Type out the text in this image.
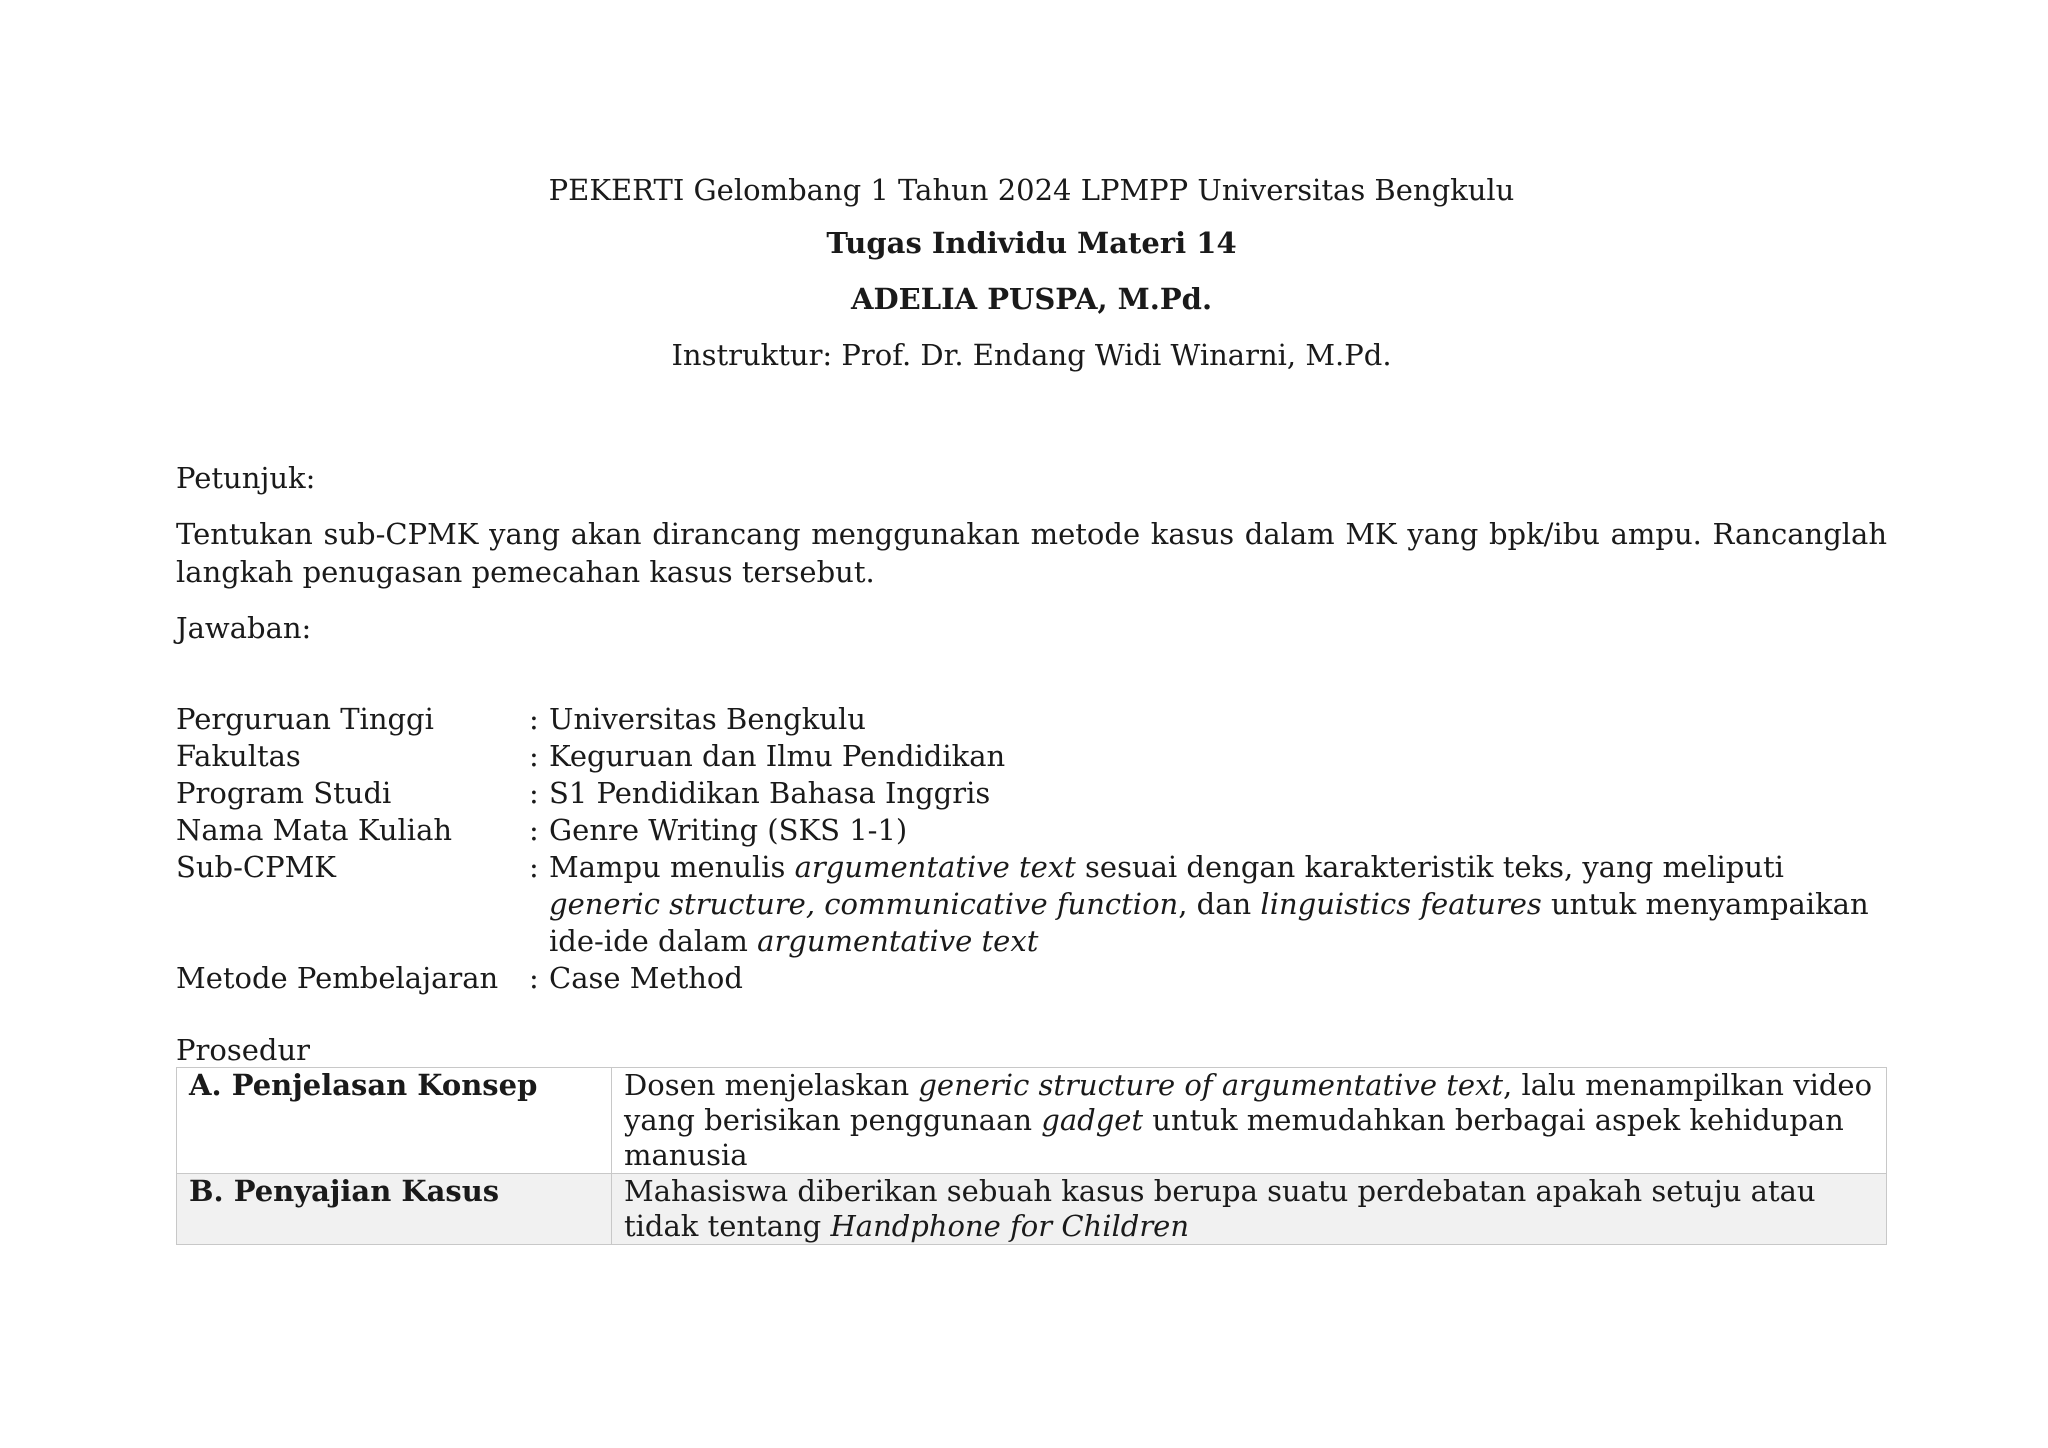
PEKERTI Gelombang 1 Tahun 2024 LPMPP Universitas Bengkulu

Tugas Individu Materi 14

ADELIA PUSPA, M.Pd.

Instruktur: Prof. Dr. Endang Widi Winarni, M.Pd.

Petunjuk:

Tentukan sub-CPMK yang akan dirancang menggunakan metode kasus dalam MK yang bpk/ibu ampu. Rancanglah langkah penugasan pemecahan kasus tersebut.

Jawaban:

Perguruan Tinggi	: Universitas Bengkulu
Fakultas	: Keguruan dan Ilmu Pendidikan
Program Studi	: S1 Pendidikan Bahasa Inggris
Nama Mata Kuliah	: Genre Writing (SKS 1-1)
Sub-CPMK	: Mampu menulis argumentative text sesuai dengan karakteristik teks, yang meliputi generic structure, communicative function, dan linguistics features untuk menyampaikan ide-ide dalam argumentative text
Metode Pembelajaran	: Case Method

Prosedur

A. Penjelasan Konsep	Dosen menjelaskan generic structure of argumentative text, lalu menampilkan video yang berisikan penggunaan gadget untuk memudahkan berbagai aspek kehidupan manusia
B. Penyajian Kasus	Mahasiswa diberikan sebuah kasus berupa suatu perdebatan apakah setuju atau tidak tentang Handphone for Children
